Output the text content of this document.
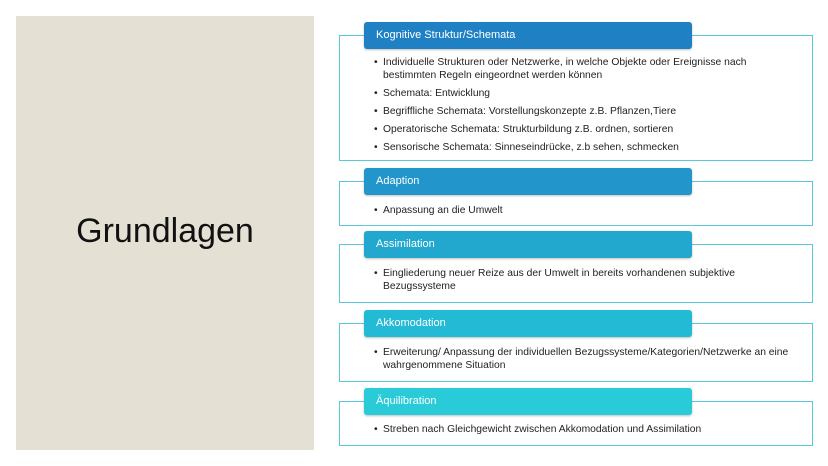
Grundlagen
• Individuelle Strukturen oder Netzwerke, in welche Objekte oder Ereignisse nach bestimmten Regeln eingeordnet werden können
• Schemata: Entwicklung
• Begriffliche Schemata: Vorstellungskonzepte z.B. Pflanzen,Tiere
• Operatorische Schemata: Strukturbildung z.B. ordnen, sortieren
• Sensorische Schemata: Sinneseindrücke, z.b sehen, schmecken
Kognitive Struktur/Schemata
• Anpassung an die Umwelt
Adaption
• Eingliederung neuer Reize aus der Umwelt in bereits vorhandenen subjektive Bezugssysteme
Assimilation
• Erweiterung/ Anpassung der individuellen Bezugssysteme/Kategorien/Netzwerke an eine wahrgenommene Situation
Akkomodation
• Streben nach Gleichgewicht zwischen Akkomodation und Assimilation
Äquilibration
